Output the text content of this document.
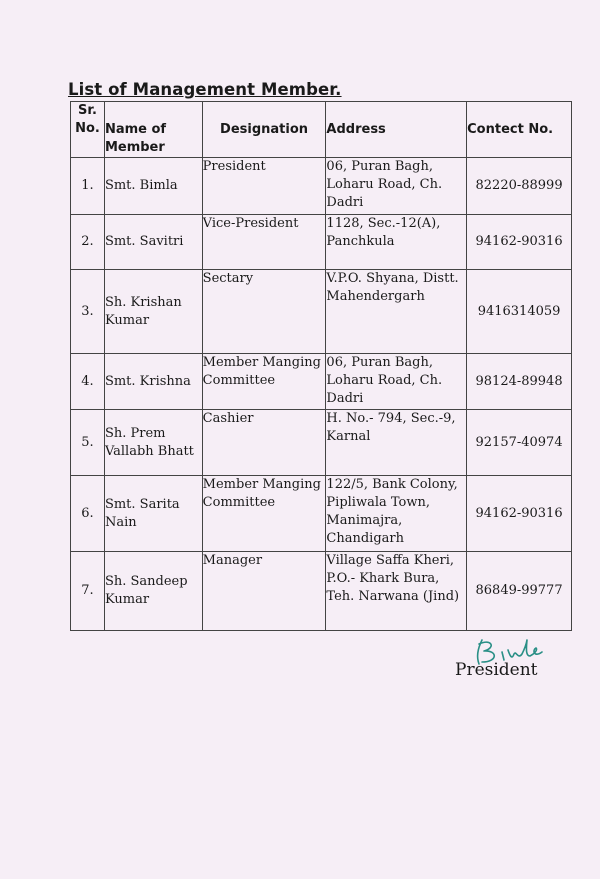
List of Management Member.
Sr. No.	Name of Member	Designation	Address	Contect No.
1.	Smt. Bimla	President	06, Puran Bagh, Loharu Road, Ch. Dadri	82220-88999
2.	Smt. Savitri	Vice-President	1128, Sec.-12(A), Panchkula	94162-90316
3.	Sh. Krishan Kumar	Sectary	V.P.O. Shyana, Distt. Mahendergarh	9416314059
4.	Smt. Krishna	Member Manging Committee	06, Puran Bagh, Loharu Road, Ch. Dadri	98124-89948
5.	Sh. Prem Vallabh Bhatt	Cashier	H. No.- 794, Sec.-9, Karnal	92157-40974
6.	Smt. Sarita Nain	Member Manging Committee	122/5, Bank Colony, Pipliwala Town, Manimajra, Chandigarh	94162-90316
7.	Sh. Sandeep Kumar	Manager	Village Saffa Kheri, P.O.- Khark Bura, Teh. Narwana (Jind)	86849-99777
President
